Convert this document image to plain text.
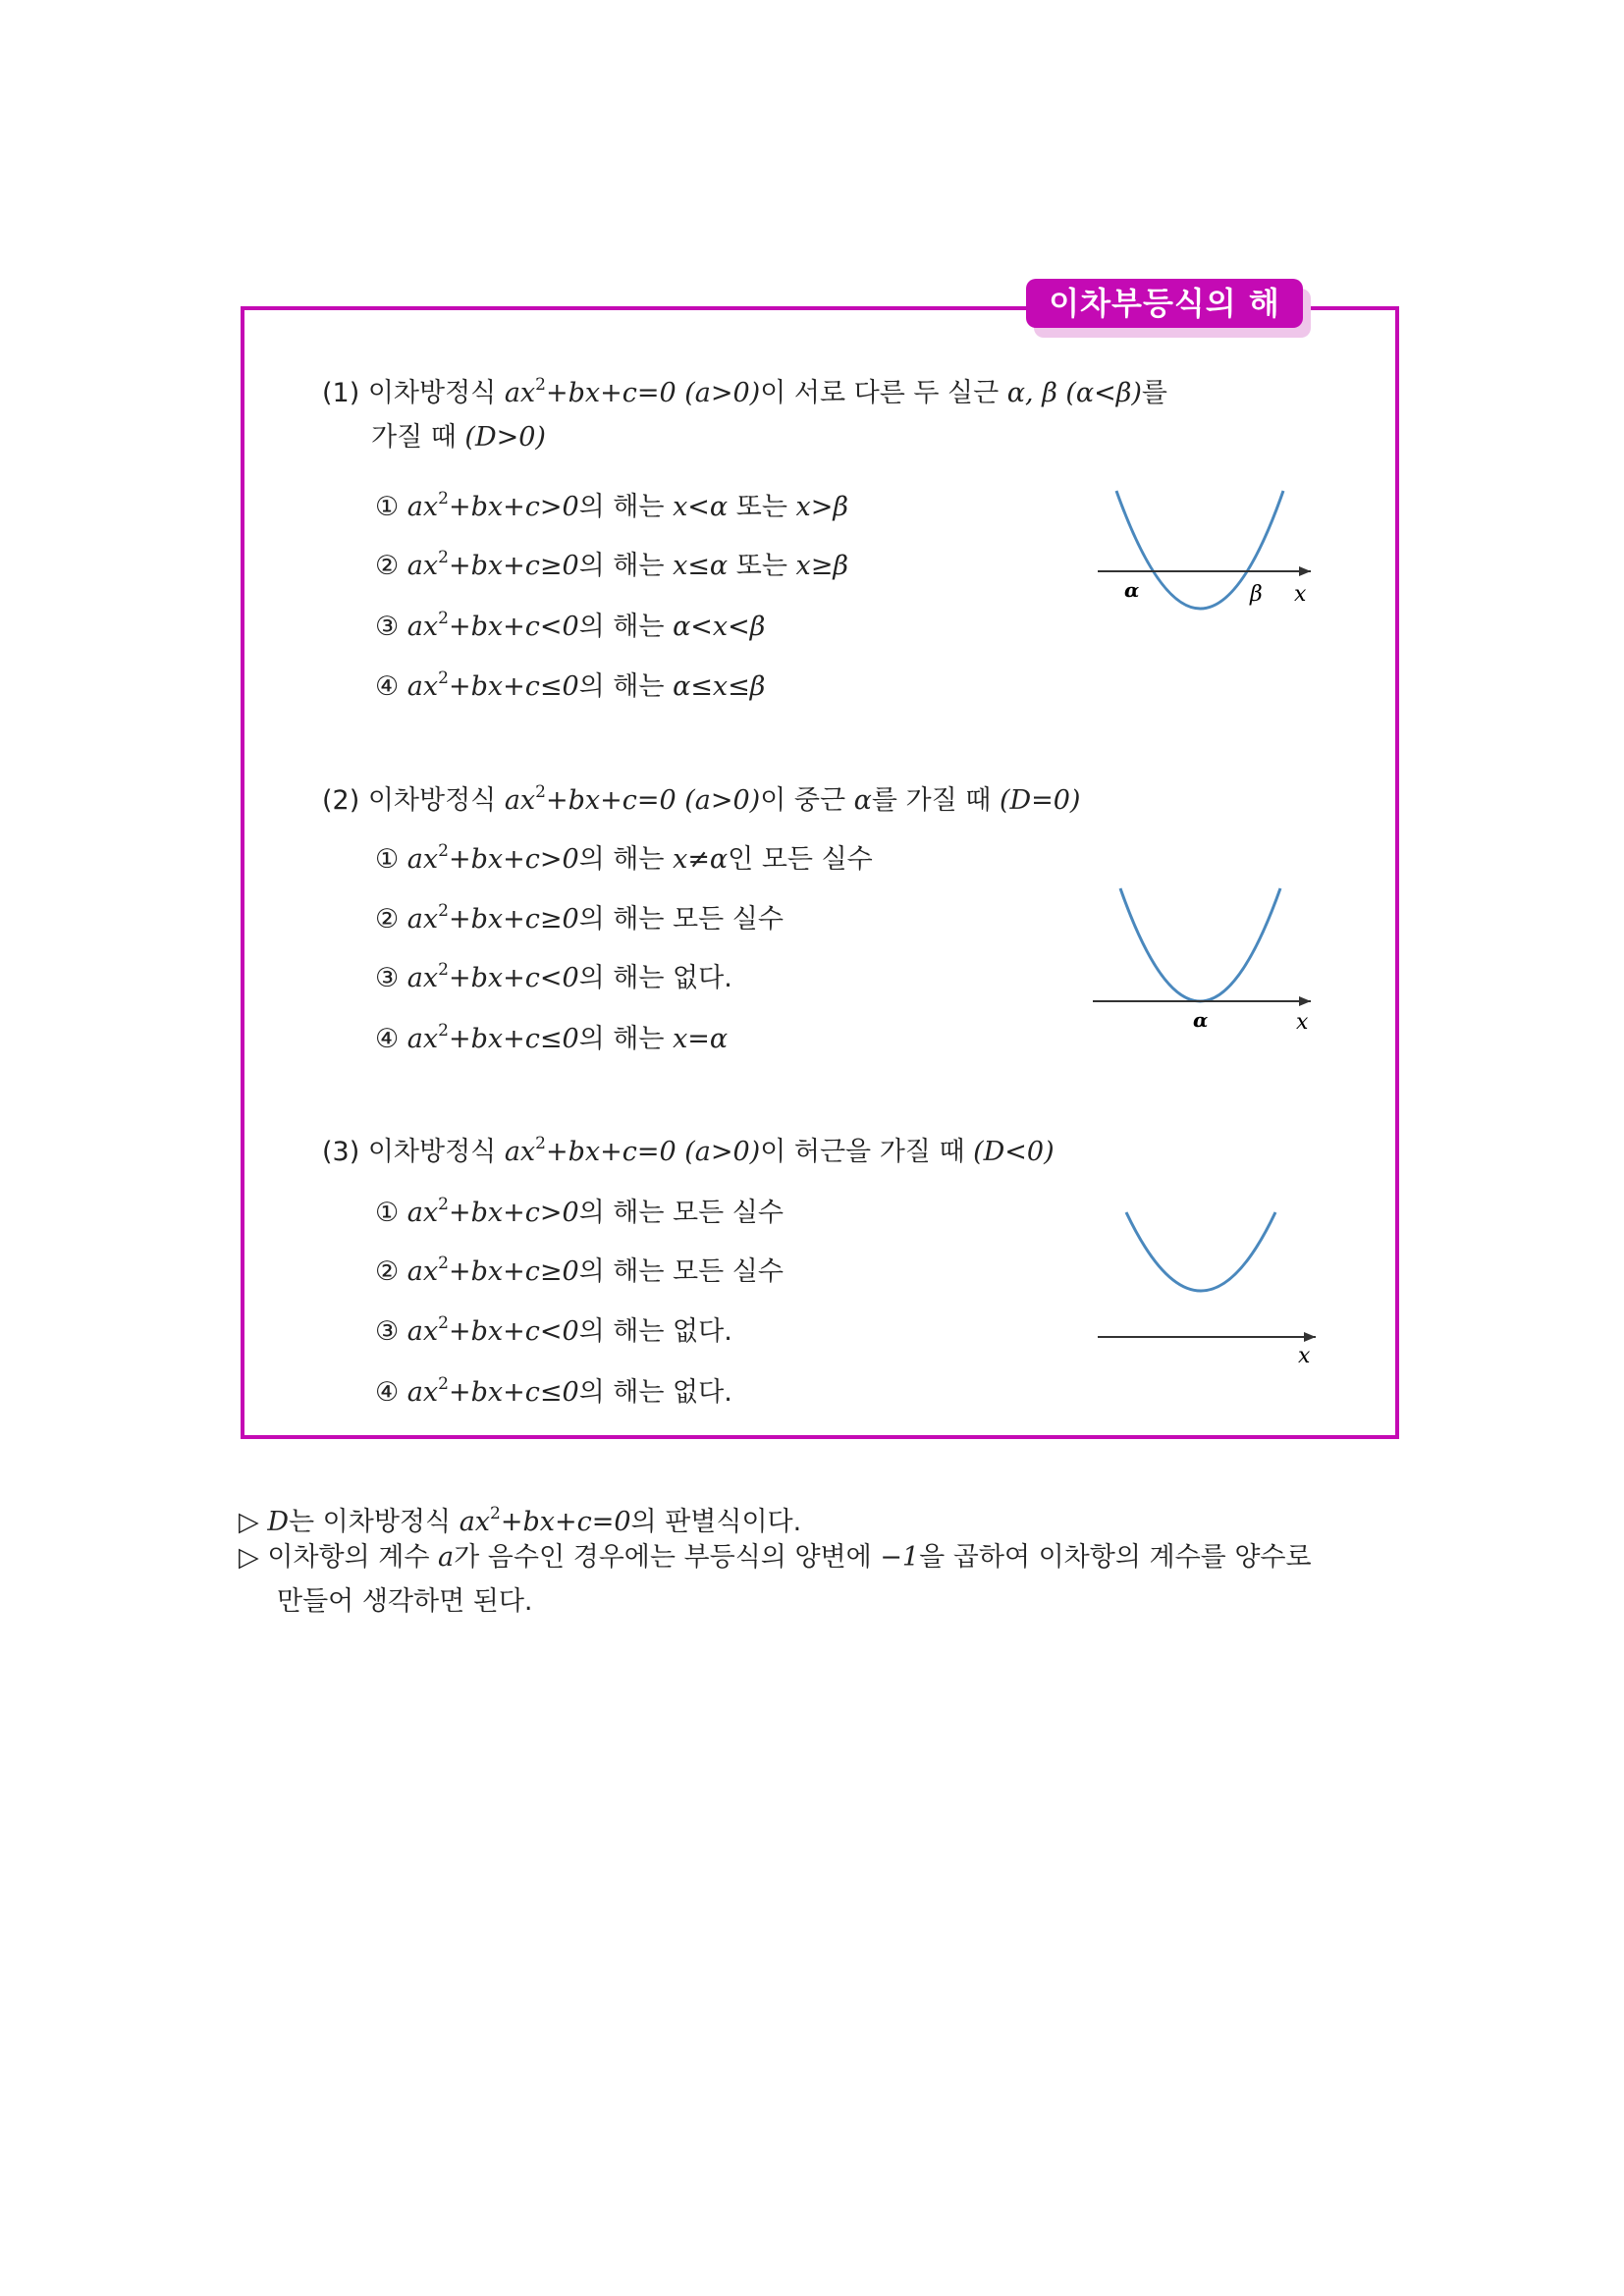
이차부등식의 해
(1) 이차방정식 $ax^2+bx+c=0$ (a>0)이 서로 다른 두 실근 α, β (α<β)를
가질 때 (D>0)
① $ax^2+bx+c>0$의 해는 x<α 또는 x>β
② $ax^2+bx+c\ge 0$의 해는 x≤α 또는 x≥β
③ $ax^2+bx+c<0$의 해는 α<x<β
④ $ax^2+bx+c\le 0$의 해는 α≤x≤β
(2) 이차방정식 $ax^2+bx+c=0$ (a>0)이 중근 α를 가질 때 (D=0)
① $ax^2+bx+c>0$의 해는 x≠α인 모든 실수
② $ax^2+bx+c\ge 0$의 해는 모든 실수
③ $ax^2+bx+c<0$의 해는 없다.
④ $ax^2+bx+c\le 0$의 해는 x=α
(3) 이차방정식 $ax^2+bx+c=0$ (a>0)이 허근을 가질 때 (D<0)
① $ax^2+bx+c>0$의 해는 모든 실수
② $ax^2+bx+c\ge 0$의 해는 모든 실수
③ $ax^2+bx+c<0$의 해는 없다.
④ $ax^2+bx+c\le 0$의 해는 없다.
▷ D는 이차방정식 $ax^2+bx+c=0$의 판별식이다.
▷ 이차항의 계수 a가 음수인 경우에는 부등식의 양변에 −1을 곱하여 이차항의 계수를 양수로
만들어 생각하면 된다.
α	β x
α	x
x
